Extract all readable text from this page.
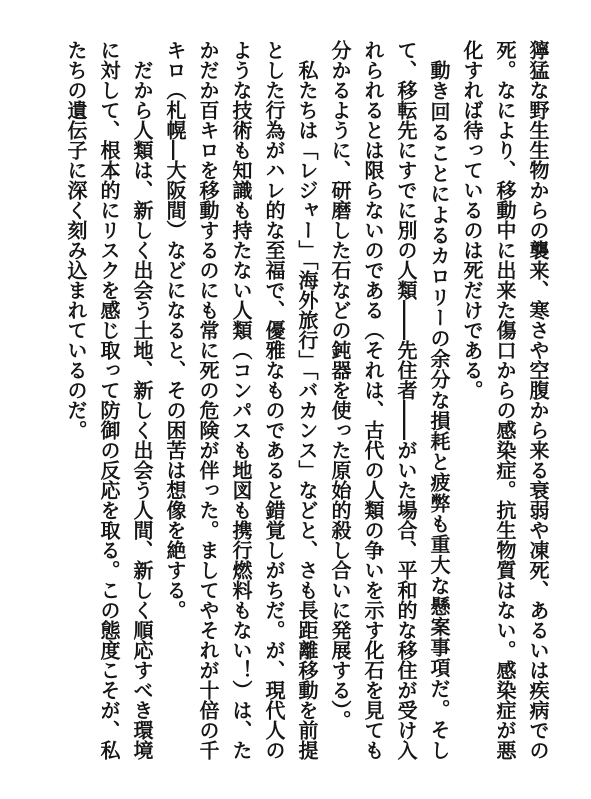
獰猛な野生生物からの襲来、寒さや空腹から来る衰弱や凍死、あるいは疾病での死。なにより、移動中に出来た傷口からの感染症。抗生物質はない。感染症が悪化すれば待っているのは死だけである。

動き回ることによるカロリーの余分な損耗と疲弊も重大な懸案事項だ。そして、移転先にすでに別の人類――先住者――がいた場合、平和的な移住が受け入れられるとは限らないのである（それは、古代の人類の争いを示す化石を見ても分かるように、研磨した石などの鈍器を使った原始的殺し合いに発展する）。

私たちは「レジャー」「海外旅行」「バカンス」などと、さも長距離移動を前提とした行為がハレ的な至福で、優雅なものであると錯覚しがちだ。が、現代人のような技術も知識も持たない人類（コンパスも地図も携行燃料もない！）は、たかだか百キロを移動するのにも常に死の危険が伴った。ましてやそれが十倍の千キロ（札幌―大阪間）などになると、その困苦は想像を絶する。

だから人類は、新しく出会う土地、新しく出会う人間、新しく順応すべき環境に対して、根本的にリスクを感じ取って防御の反応を取る。この態度こそが、私たちの遺伝子に深く刻み込まれているのだ。
